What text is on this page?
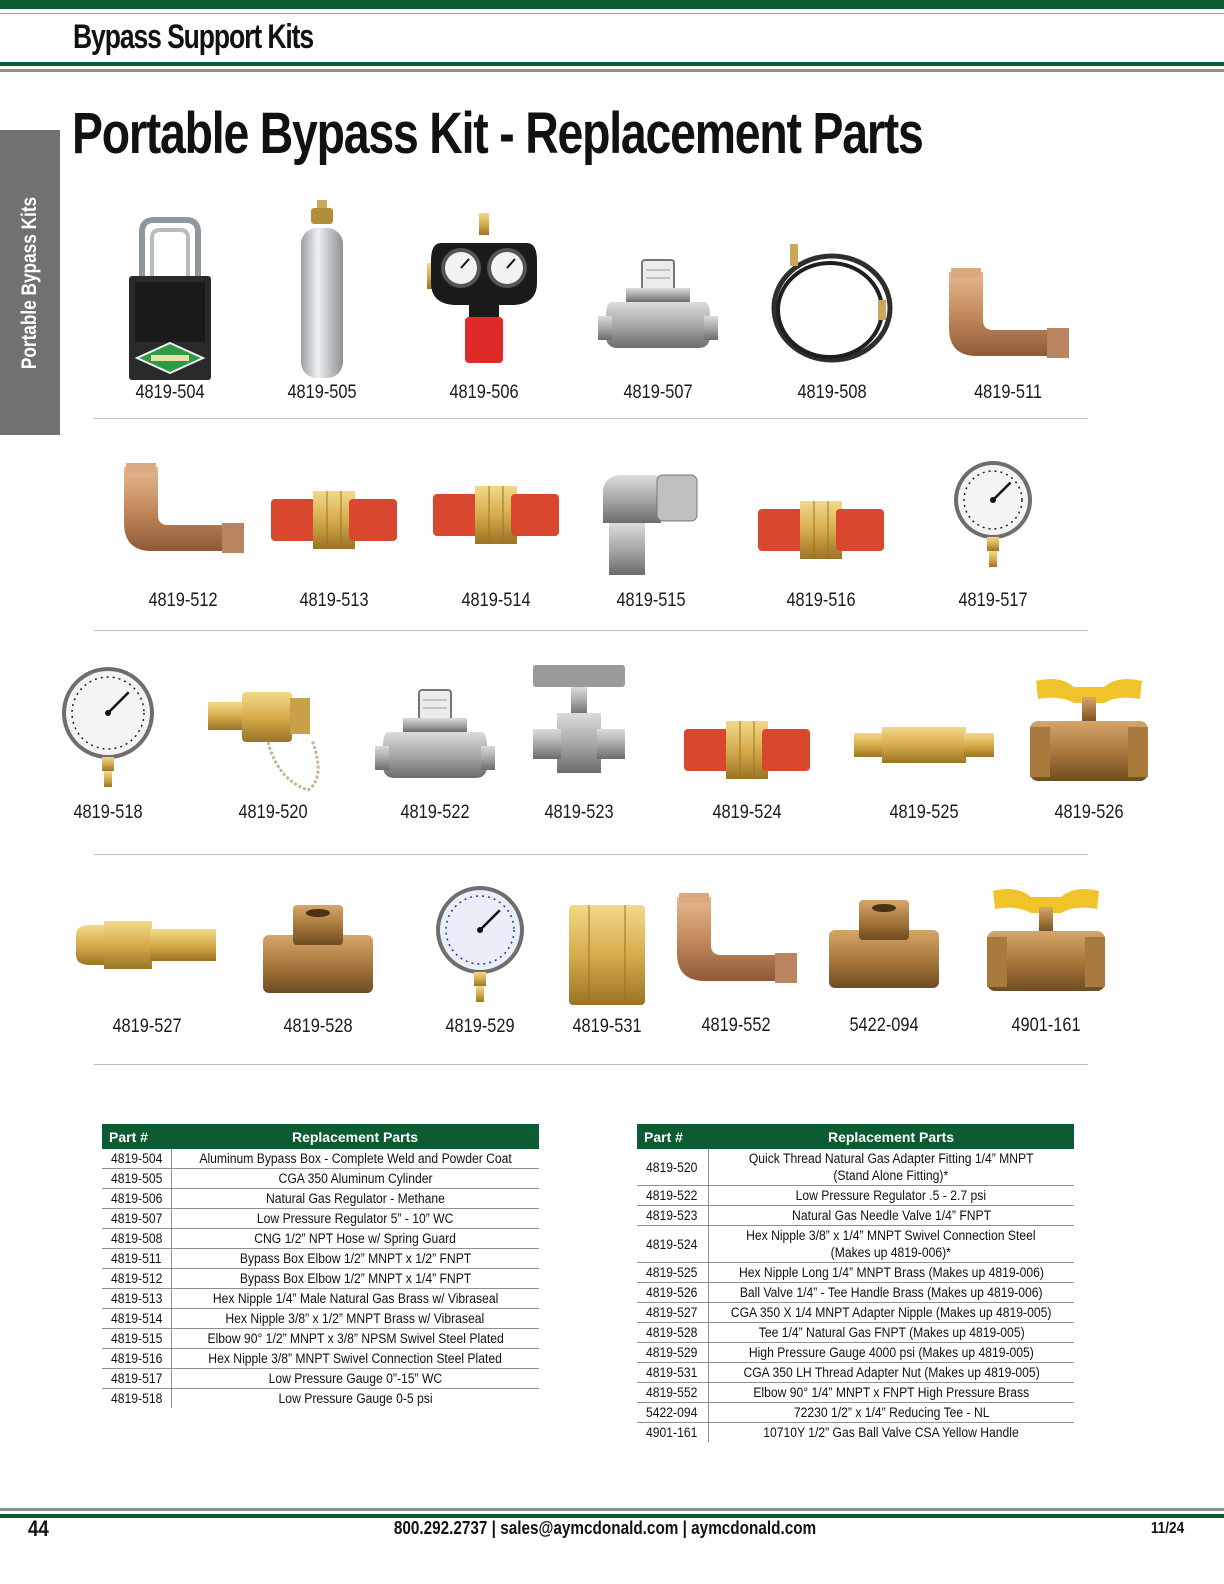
Bypass Support Kits
Portable Bypass Kit - Replacement Parts
Portable Bypass Kits
4819-504	4819-505	4819-506	4819-507	4819-508	4819-511
4819-512	4819-513	4819-514	4819-515	4819-516	4819-517
4819-518	4819-520	4819-522	4819-523	4819-524	4819-525	4819-526
4819-527	4819-528	4819-529	4819-531	4819-552	5422-094	4901-161
Part #	Replacement Parts
4819-504	Aluminum Bypass Box - Complete Weld and Powder Coat
4819-505	CGA 350 Aluminum Cylinder
4819-506	Natural Gas Regulator - Methane
4819-507	Low Pressure Regulator 5” - 10” WC
4819-508	CNG 1/2” NPT Hose w/ Spring Guard
4819-511	Bypass Box Elbow 1/2” MNPT x 1/2” FNPT
4819-512	Bypass Box Elbow 1/2” MNPT x 1/4” FNPT
4819-513	Hex Nipple 1/4” Male Natural Gas Brass w/ Vibraseal
4819-514	Hex Nipple 3/8” x 1/2” MNPT Brass w/ Vibraseal
4819-515	Elbow 90° 1/2” MNPT x 3/8” NPSM Swivel Steel Plated
4819-516	Hex Nipple 3/8” MNPT Swivel Connection Steel Plated
4819-517	Low Pressure Gauge 0”-15” WC
4819-518	Low Pressure Gauge 0-5 psi
Part #	Replacement Parts
4819-520	Quick Thread Natural Gas Adapter Fitting 1/4” MNPT
(Stand Alone Fitting)*
4819-522	Low Pressure Regulator .5 - 2.7 psi
4819-523	Natural Gas Needle Valve 1/4” FNPT
4819-524	Hex Nipple 3/8” x 1/4” MNPT Swivel Connection Steel
(Makes up 4819-006)*
4819-525	Hex Nipple Long 1/4” MNPT Brass (Makes up 4819-006)
4819-526	Ball Valve 1/4” - Tee Handle Brass (Makes up 4819-006)
4819-527	CGA 350 X 1/4 MNPT Adapter Nipple (Makes up 4819-005)
4819-528	Tee 1/4” Natural Gas FNPT (Makes up 4819-005)
4819-529	High Pressure Gauge 4000 psi (Makes up 4819-005)
4819-531	CGA 350 LH Thread Adapter Nut (Makes up 4819-005)
4819-552	Elbow 90° 1/4” MNPT x FNPT High Pressure Brass
5422-094	72230 1/2” x 1/4” Reducing Tee - NL
4901-161	10710Y 1/2” Gas Ball Valve CSA Yellow Handle
44	800.292.2737 | sales@aymcdonald.com | aymcdonald.com	11/24
